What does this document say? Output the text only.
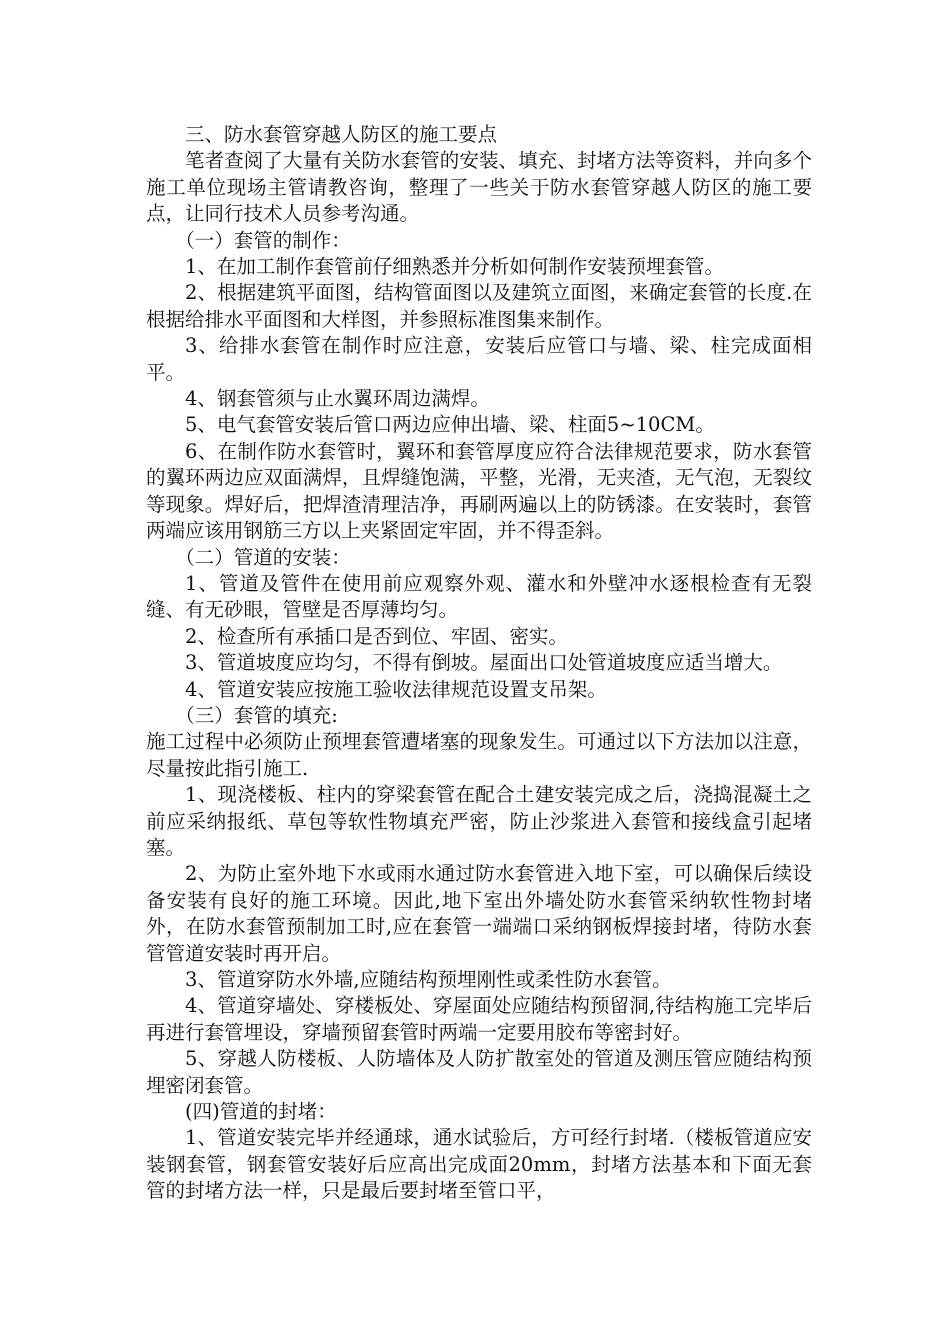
三、防水套管穿越人防区的施工要点

笔者查阅了大量有关防水套管的安装、填充、封堵方法等资料，并向多个施工单位现场主管请教咨询，整理了一些关于防水套管穿越人防区的施工要点，让同行技术人员参考沟通。

（一）套管的制作：

1、在加工制作套管前仔细熟悉并分析如何制作安装预埋套管。

2、根据建筑平面图，结构管面图以及建筑立面图，来确定套管的长度.在根据给排水平面图和大样图，并参照标准图集来制作。

3、给排水套管在制作时应注意，安装后应管口与墙、梁、柱完成面相平。

4、钢套管须与止水翼环周边满焊。

5、电气套管安装后管口两边应伸出墙、梁、柱面5~10CM。

6、在制作防水套管时，翼环和套管厚度应符合法律规范要求，防水套管的翼环两边应双面满焊，且焊缝饱满，平整，光滑，无夹渣，无气泡，无裂纹等现象。焊好后，把焊渣清理洁净，再刷两遍以上的防锈漆。在安装时，套管两端应该用钢筋三方以上夹紧固定牢固，并不得歪斜。

（二）管道的安装：

1、管道及管件在使用前应观察外观、灌水和外壁冲水逐根检查有无裂缝、有无砂眼，管壁是否厚薄均匀。

2、检查所有承插口是否到位、牢固、密实。

3、管道坡度应均匀，不得有倒坡。屋面出口处管道坡度应适当增大。

4、管道安装应按施工验收法律规范设置支吊架。

（三）套管的填充:

施工过程中必须防止预埋套管遭堵塞的现象发生。可通过以下方法加以注意，尽量按此指引施工.

1、现浇楼板、柱内的穿梁套管在配合土建安装完成之后，浇捣混凝土之前应采纳报纸、草包等软性物填充严密，防止沙浆进入套管和接线盒引起堵塞。

2、为防止室外地下水或雨水通过防水套管进入地下室，可以确保后续设备安装有良好的施工环境。因此,地下室出外墙处防水套管采纳软性物封堵外，在防水套管预制加工时,应在套管一端端口采纳钢板焊接封堵，待防水套管管道安装时再开启。

3、管道穿防水外墙,应随结构预埋刚性或柔性防水套管。

4、管道穿墙处、穿楼板处、穿屋面处应随结构预留洞,待结构施工完毕后再进行套管埋设，穿墙预留套管时两端一定要用胶布等密封好。

5、穿越人防楼板、人防墙体及人防扩散室处的管道及测压管应随结构预埋密闭套管。

(四)管道的封堵：

1、管道安装完毕并经通球，通水试验后，方可经行封堵.（楼板管道应安装钢套管，钢套管安装好后应高出完成面20mm，封堵方法基本和下面无套管的封堵方法一样，只是最后要封堵至管口平，
